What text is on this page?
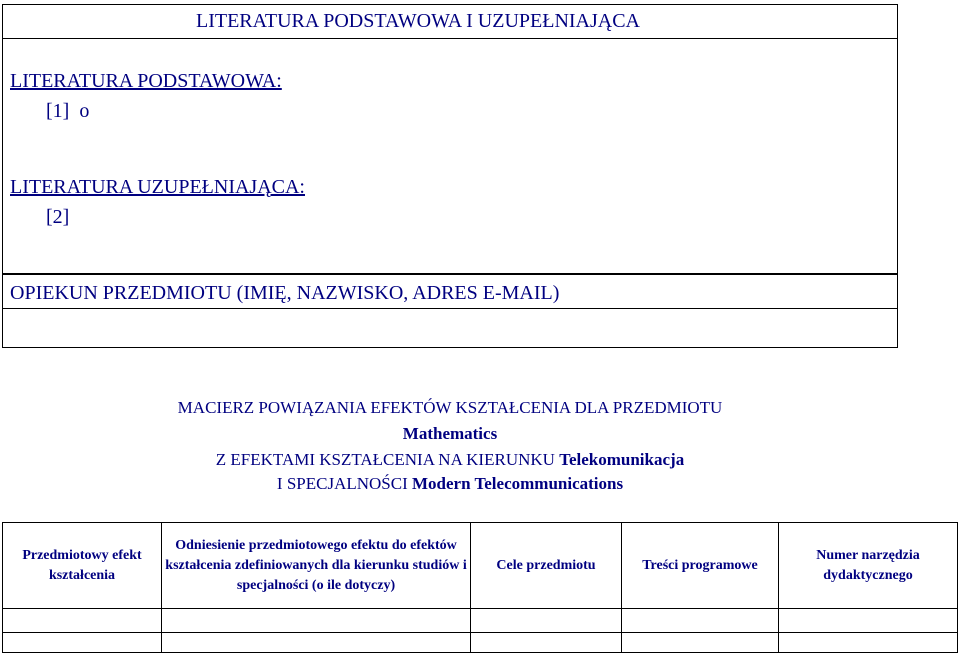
LITERATURA PODSTAWOWA I UZUPEŁNIAJĄCA
LITERATURA PODSTAWOWA:
[1]  o
LITERATURA UZUPEŁNIAJĄCA:
[2]
OPIEKUN PRZEDMIOTU (IMIĘ, NAZWISKO, ADRES E-MAIL)
MACIERZ POWIĄZANIA EFEKTÓW KSZTAŁCENIA DLA PRZEDMIOTU
Mathematics
Z EFEKTAMI KSZTAŁCENIA NA KIERUNKU Telekomunikacja
I SPECJALNOŚCI Modern Telecommunications
Przedmiotowy efekt kształcenia	Odniesienie przedmiotowego efektu do efektów kształcenia zdefiniowanych dla kierunku studiów i specjalności (o ile dotyczy)	Cele przedmiotu	Treści programowe	Numer narzędzia dydaktycznego
